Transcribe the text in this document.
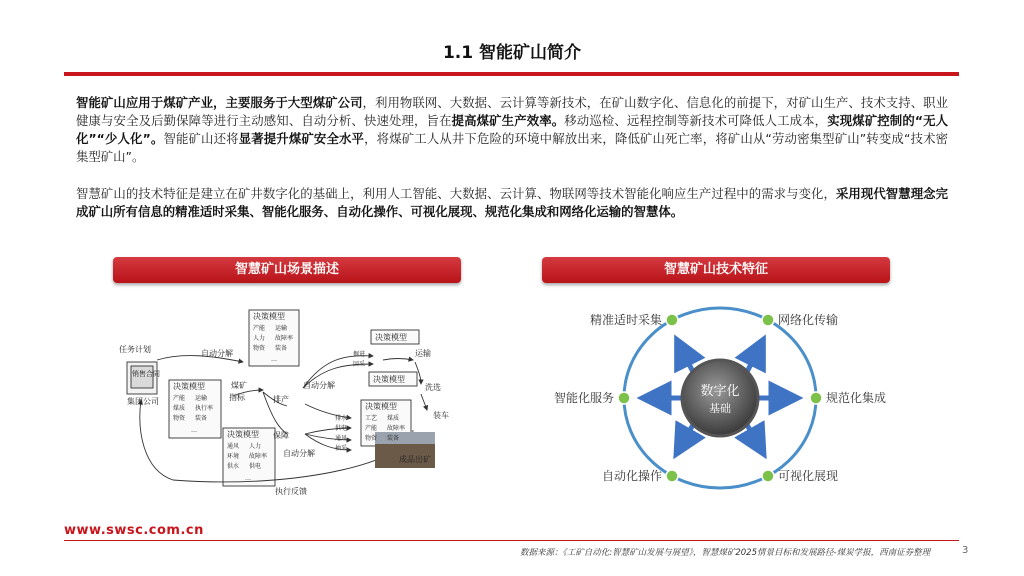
1.1 智能矿山简介
智能矿山应用于煤矿产业，主要服务于大型煤矿公司，利用物联网、大数据、云计算等新技术，在矿山数字化、信息化的前提下，对矿山生产、技术支持、职业健康与安全及后勤保障等进行主动感知、自动分析、快速处理，旨在提高煤矿生产效率。移动巡检、远程控制等新技术可降低人工成本，实现煤矿控制的“无人化”“少人化”。智能矿山还将显著提升煤矿安全水平，将煤矿工人从井下危险的环境中解放出来，降低矿山死亡率，将矿山从“劳动密集型矿山”转变成“技术密集型矿山”。
智慧矿山的技术特征是建立在矿井数字化的基础上，利用人工智能、大数据、云计算、物联网等技术智能化响应生产过程中的需求与变化，采用现代智慧理念完成矿山所有信息的精准适时采集、智能化服务、自动化操作、可视化展现、规范化集成和网络化运输的智慧体。
智慧矿山场景描述	智慧矿山技术特征
任务计划
销售合同
集团公司
自动分解
煤矿
指标	排产
保障
自动分解
自动分解
运输
洗选
装车
成品出矿
执行反馈
决策模型
决策模型
决策模型
决策模型
决策模型
决策模型
掘进
回采
排水
供电
通风
抽采
产能 运输
人力 故障率
物资 装备
…
产能 运输
煤质 执行率
物资 装备
…
通风 人力
环境 故障率
供水 供电
…
工艺 煤质
产能 故障率
物资 装备
数字化
基础
精准适时采集	网络化传输
规范化集成
可视化展现
自动化操作
智能化服务
www.swsc.com.cn
数据来源：《工矿自动化:智慧矿山发展与展望》，智慧煤矿2025情景目标和发展路径-煤炭学报，西南证券整理	3
